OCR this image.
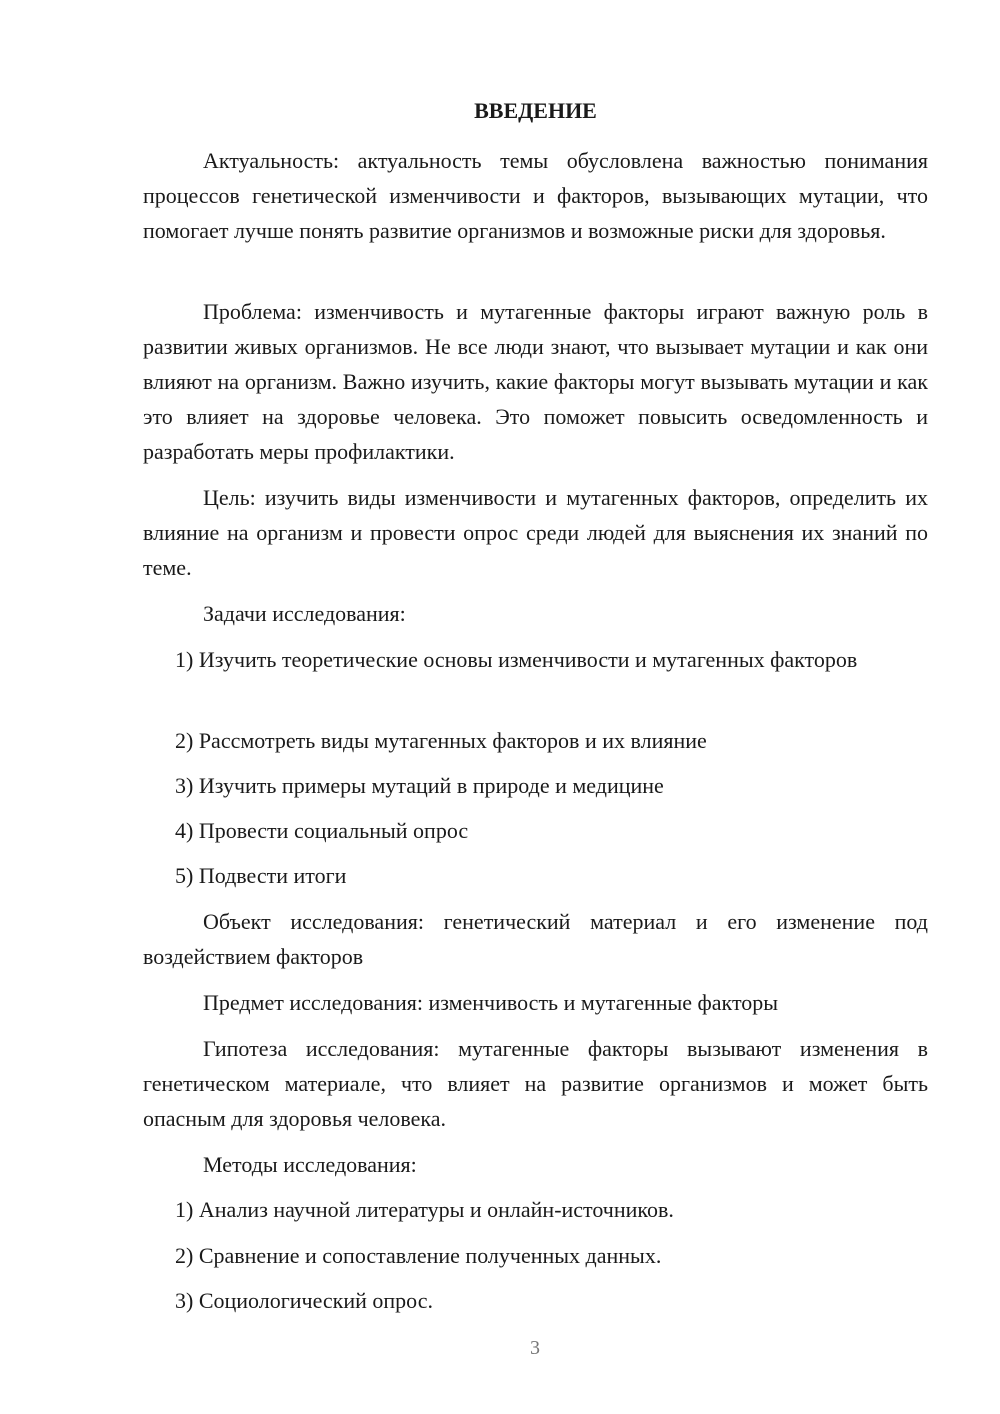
ВВЕДЕНИЕ

Актуальность: актуальность темы обусловлена важностью понимания процессов генетической изменчивости и факторов, вызывающих мутации, что помогает лучше понять развитие организмов и возможные риски для здоровья.

Проблема: изменчивость и мутагенные факторы играют важную роль в развитии живых организмов. Не все люди знают, что вызывает мутации и как они влияют на организм. Важно изучить, какие факторы могут вызывать мутации и как это влияет на здоровье человека. Это поможет повысить осведомленность и разработать меры профилактики.

Цель: изучить виды изменчивости и мутагенных факторов, определить их влияние на организм и провести опрос среди людей для выяснения их знаний по теме.

Задачи исследования:

1) Изучить теоретические основы изменчивости и мутагенных факторов

2) Рассмотреть виды мутагенных факторов и их влияние

3) Изучить примеры мутаций в природе и медицине

4) Провести социальный опрос

5) Подвести итоги

Объект исследования: генетический материал и его изменение под воздействием факторов

Предмет исследования: изменчивость и мутагенные факторы

Гипотеза исследования: мутагенные факторы вызывают изменения в генетическом материале, что влияет на развитие организмов и может быть опасным для здоровья человека.

Методы исследования:

1) Анализ научной литературы и онлайн-источников.

2) Сравнение и сопоставление полученных данных.

3) Социологический опрос.

3
